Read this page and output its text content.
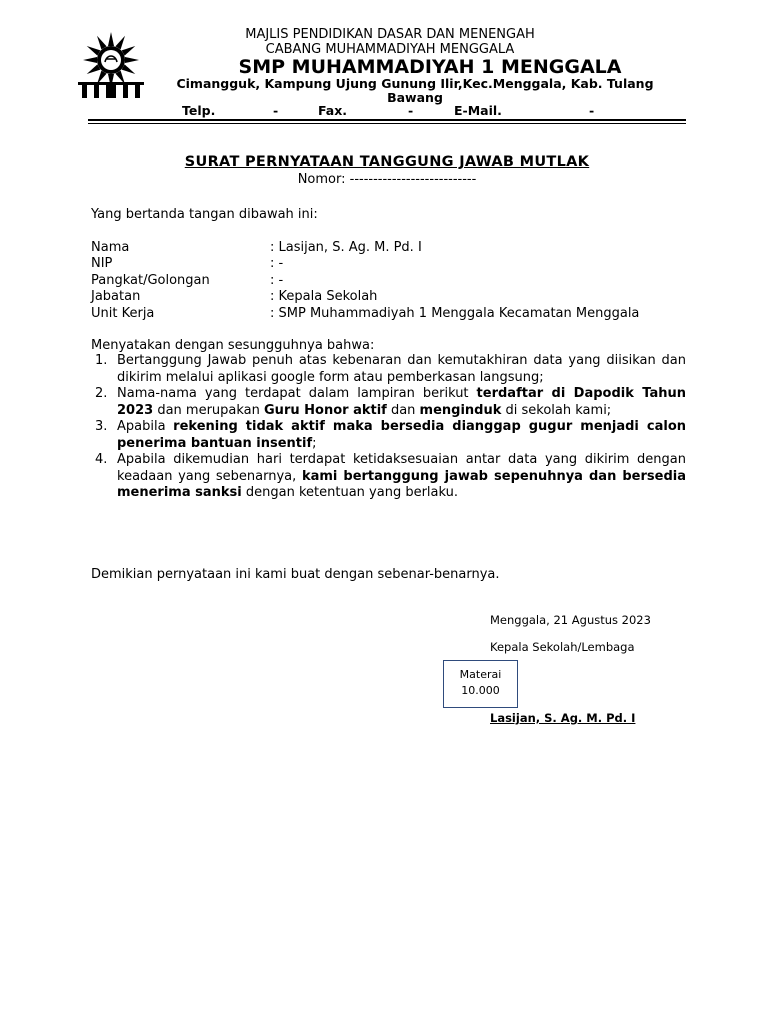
MAJLIS PENDIDIKAN DASAR DAN MENENGAH
CABANG MUHAMMADIYAH MENGGALA
SMP MUHAMMADIYAH 1 MENGGALA
Cimangguk, Kampung Ujung Gunung Ilir,Kec.Menggala, Kab. Tulang
Bawang
Telp.	-	Fax.	-	E-Mail.	-
SURAT PERNYATAAN TANGGUNG JAWAB MUTLAK
Nomor: ---------------------------
Yang bertanda tangan dibawah ini:
Nama	: Lasijan, S. Ag. M. Pd. I
NIP	: -
Pangkat/Golongan	: -
Jabatan	: Kepala Sekolah
Unit Kerja	: SMP Muhammadiyah 1 Menggala Kecamatan Menggala
Menyatakan dengan sesungguhnya bahwa:
1. Bertanggung Jawab penuh atas kebenaran dan kemutakhiran data yang diisikan dan dikirim melalui aplikasi google form atau pemberkasan langsung;
2. Nama-nama yang terdapat dalam lampiran berikut terdaftar di Dapodik Tahun 2023 dan merupakan Guru Honor aktif dan menginduk di sekolah kami;
3. Apabila rekening tidak aktif maka bersedia dianggap gugur menjadi calon penerima bantuan insentif;
4. Apabila dikemudian hari terdapat ketidaksesuaian antar data yang dikirim dengan keadaan yang sebenarnya, kami bertanggung jawab sepenuhnya dan bersedia menerima sanksi dengan ketentuan yang berlaku.
Demikian pernyataan ini kami buat dengan sebenar-benarnya.
Menggala, 21 Agustus 2023
Kepala Sekolah/Lembaga
Materai
10.000
Lasijan, S. Ag. M. Pd. I
